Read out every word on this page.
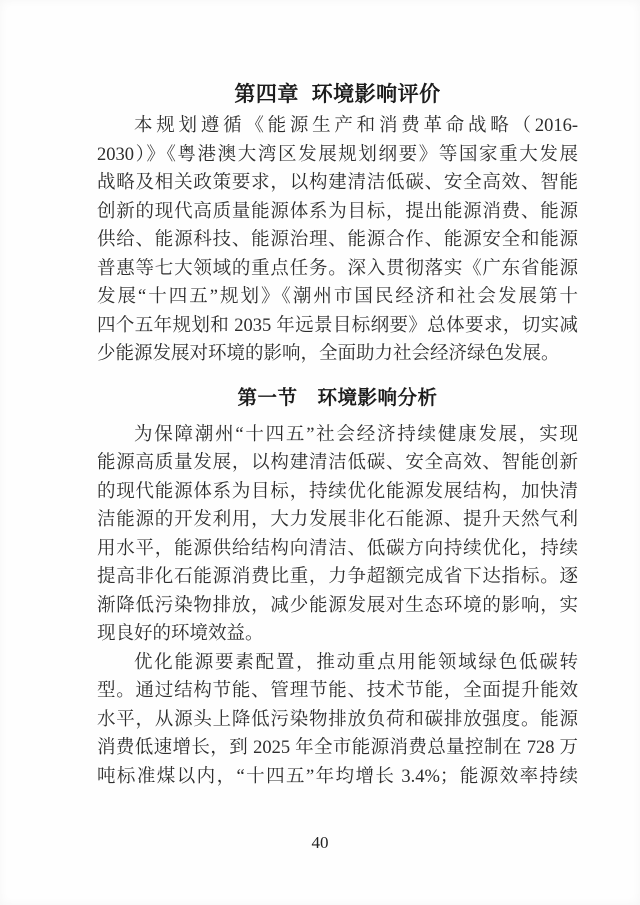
第四章  环境影响评价
本规划遵循《能源生产和消费革命战略（2016-
2030）》《粤港澳大湾区发展规划纲要》等国家重大发展
战略及相关政策要求，以构建清洁低碳、安全高效、智能
创新的现代高质量能源体系为目标，提出能源消费、能源
供给、能源科技、能源治理、能源合作、能源安全和能源
普惠等七大领域的重点任务。深入贯彻落实《广东省能源
发展“十四五”规划》《潮州市国民经济和社会发展第十
四个五年规划和 2035 年远景目标纲要》总体要求，切实减
少能源发展对环境的影响，全面助力社会经济绿色发展。
第一节　环境影响分析
为保障潮州“十四五”社会经济持续健康发展，实现
能源高质量发展，以构建清洁低碳、安全高效、智能创新
的现代能源体系为目标，持续优化能源发展结构，加快清
洁能源的开发利用，大力发展非化石能源、提升天然气利
用水平，能源供给结构向清洁、低碳方向持续优化，持续
提高非化石能源消费比重，力争超额完成省下达指标。逐
渐降低污染物排放，减少能源发展对生态环境的影响，实
现良好的环境效益。
优化能源要素配置，推动重点用能领域绿色低碳转
型。通过结构节能、管理节能、技术节能，全面提升能效
水平，从源头上降低污染物排放负荷和碳排放强度。能源
消费低速增长，到 2025 年全市能源消费总量控制在 728 万
吨标准煤以内，“十四五”年均增长 3.4%；能源效率持续
40
